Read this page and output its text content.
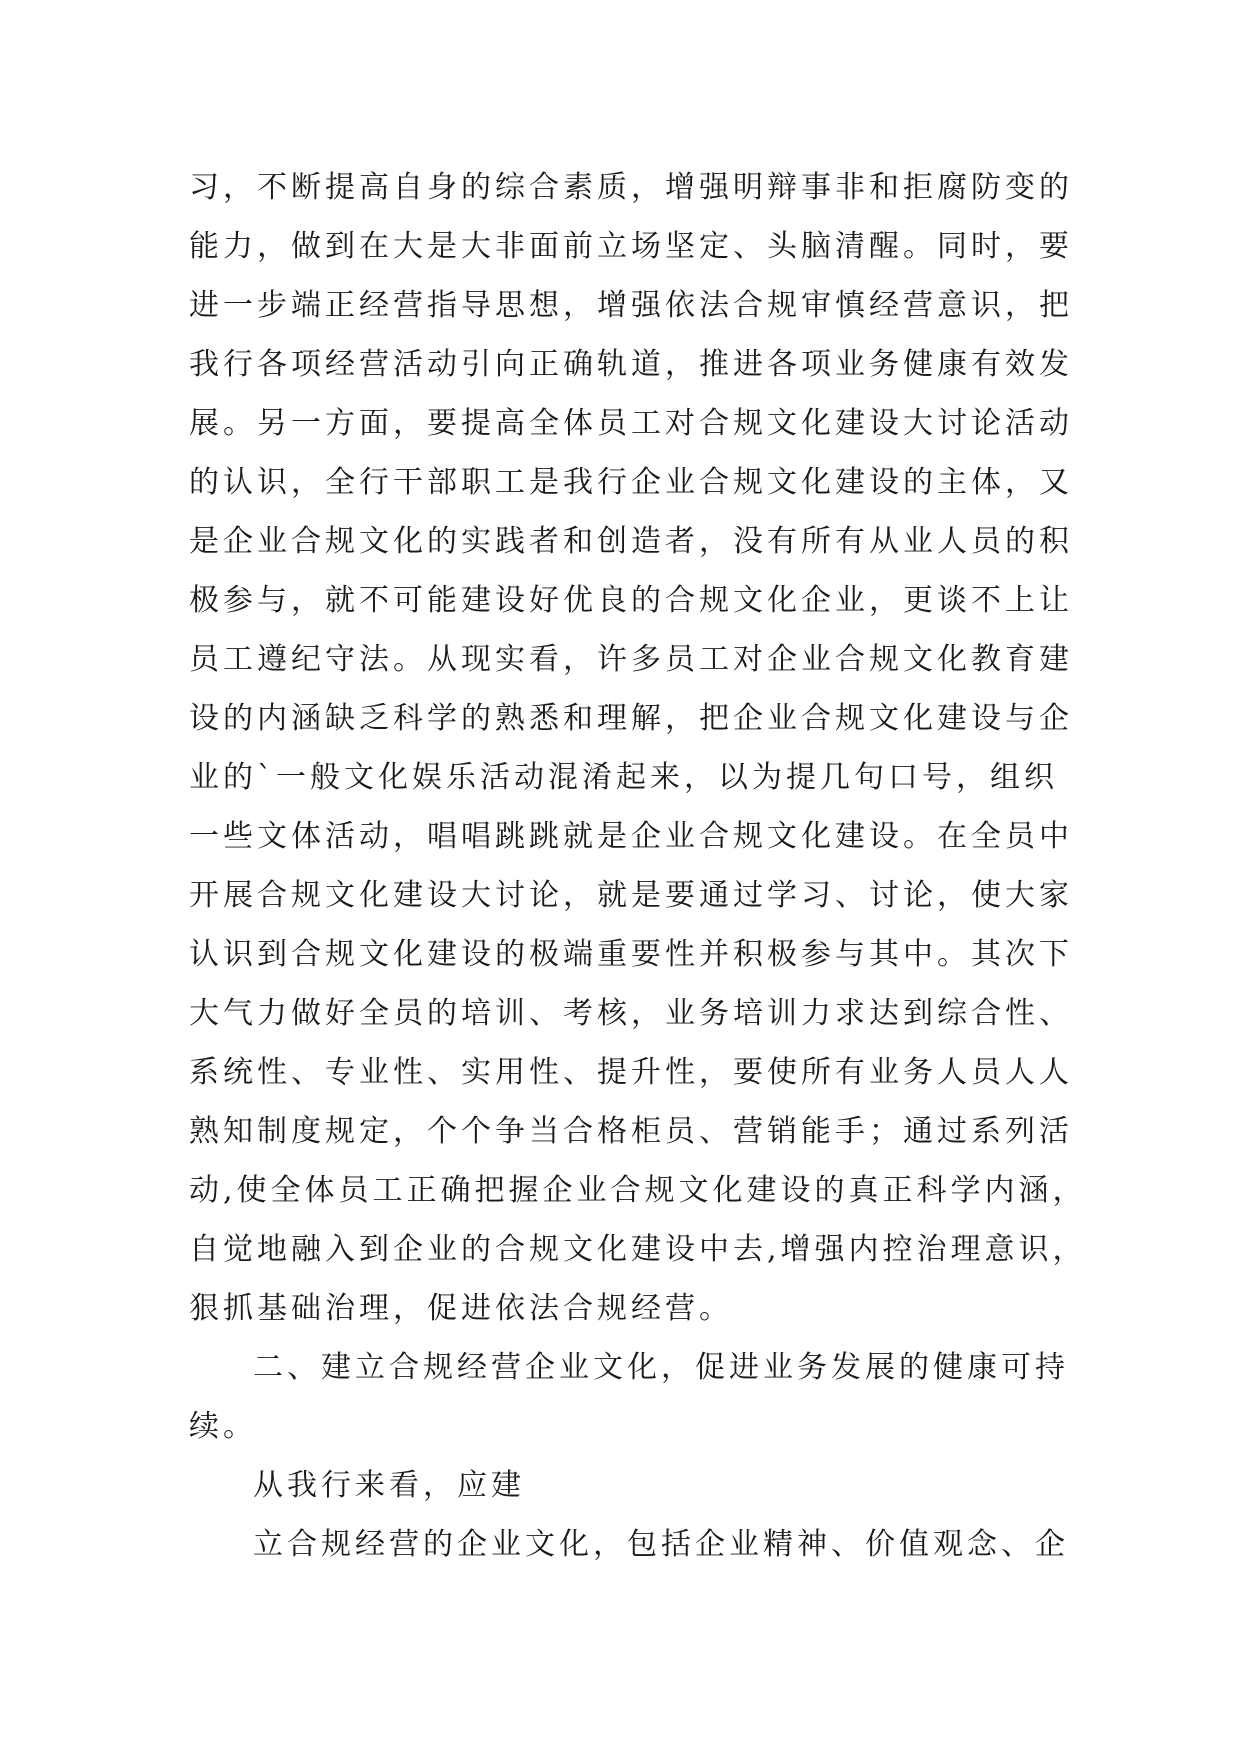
习，不断提高自身的综合素质，增强明辩事非和拒腐防变的
能力，做到在大是大非面前立场坚定、头脑清醒。同时，要
进一步端正经营指导思想，增强依法合规审慎经营意识，把
我行各项经营活动引向正确轨道，推进各项业务健康有效发
展。另一方面，要提高全体员工对合规文化建设大讨论活动
的认识，全行干部职工是我行企业合规文化建设的主体，又
是企业合规文化的实践者和创造者，没有所有从业人员的积
极参与，就不可能建设好优良的合规文化企业，更谈不上让
员工遵纪守法。从现实看，许多员工对企业合规文化教育建
设的内涵缺乏科学的熟悉和理解，把企业合规文化建设与企
业的`一般文化娱乐活动混淆起来，以为提几句口号，组织
一些文体活动，唱唱跳跳就是企业合规文化建设。在全员中
开展合规文化建设大讨论，就是要通过学习、讨论，使大家
认识到合规文化建设的极端重要性并积极参与其中。其次下
大气力做好全员的培训、考核，业务培训力求达到综合性、
系统性、专业性、实用性、提升性，要使所有业务人员人人
熟知制度规定，个个争当合格柜员、营销能手；通过系列活
动,使全体员工正确把握企业合规文化建设的真正科学内涵，
自觉地融入到企业的合规文化建设中去,增强内控治理意识，
狠抓基础治理，促进依法合规经营。
二、建立合规经营企业文化，促进业务发展的健康可持
续。
从我行来看，应建
立合规经营的企业文化，包括企业精神、价值观念、企
